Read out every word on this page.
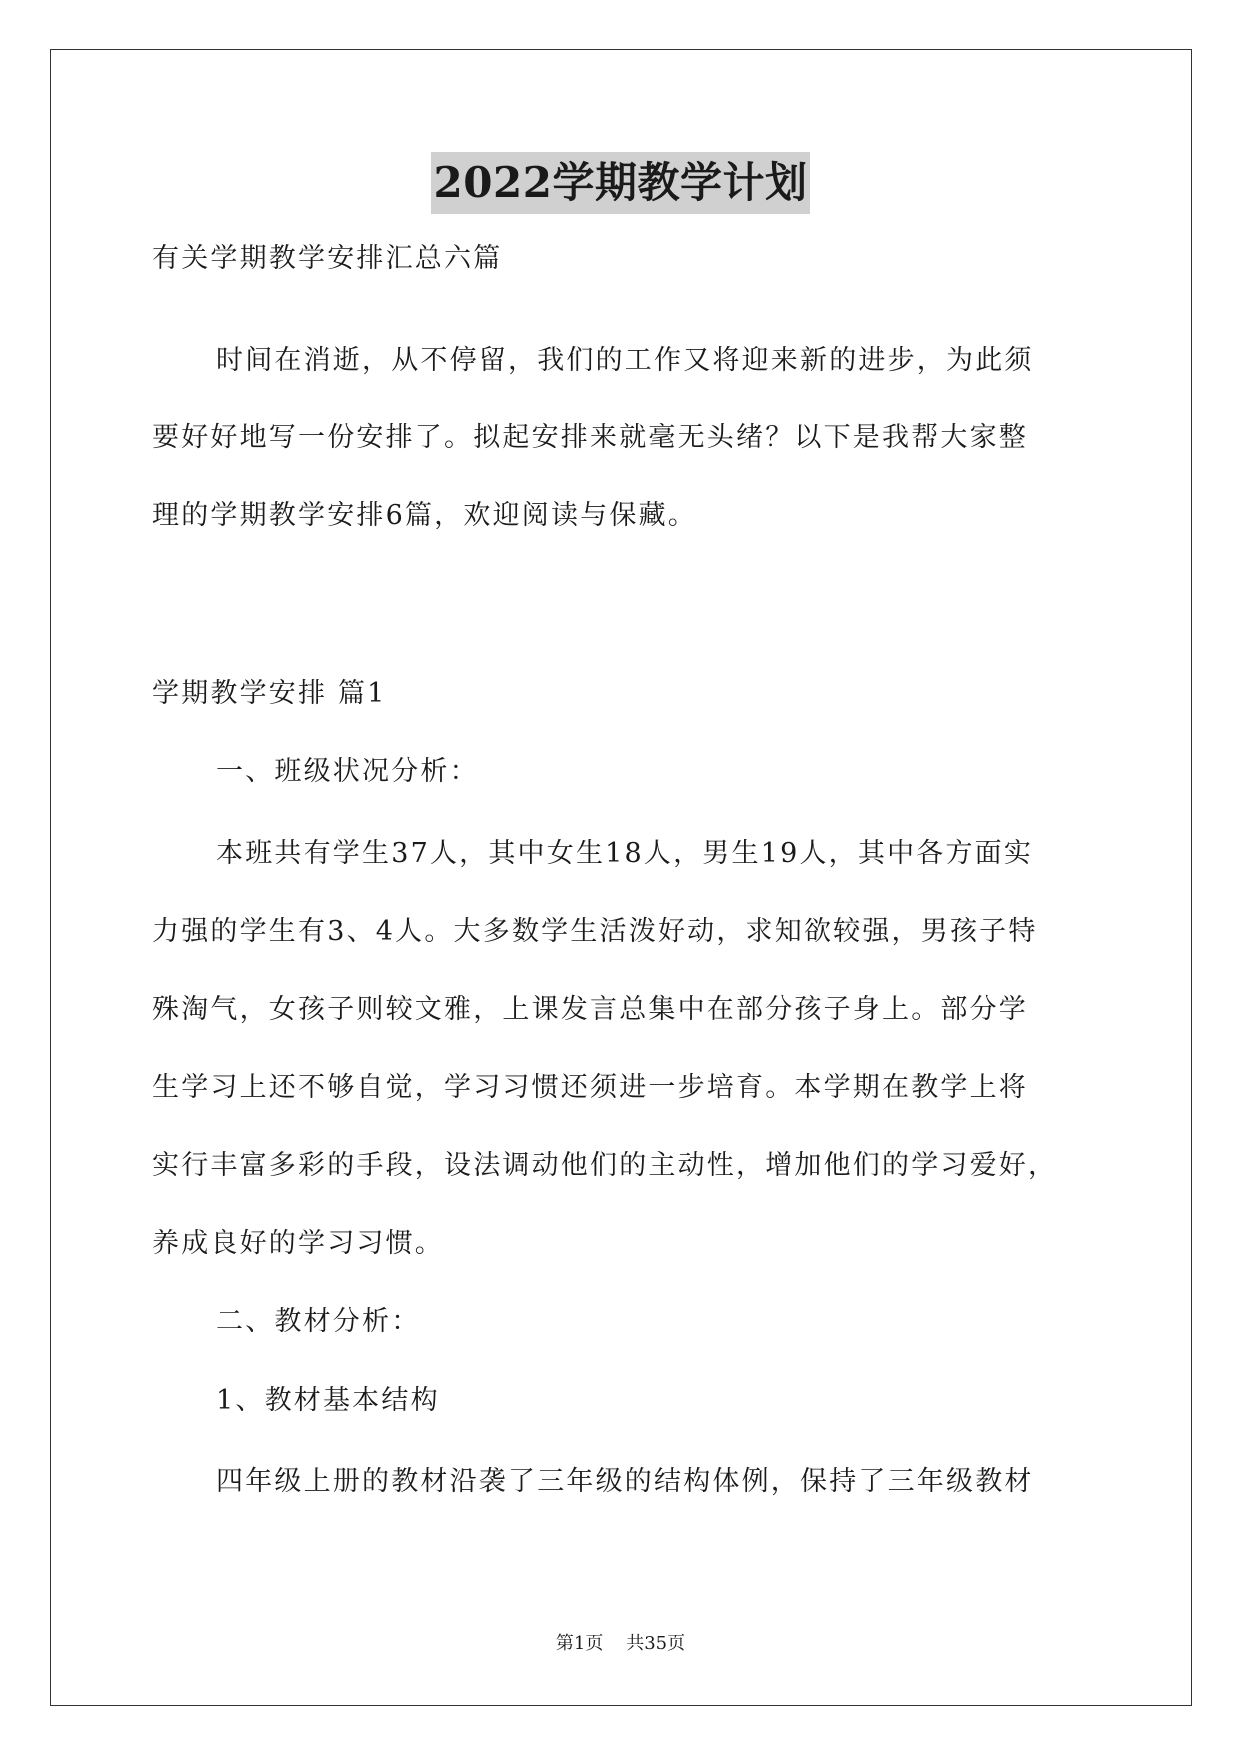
2022学期教学计划
有关学期教学安排汇总六篇
时间在消逝，从不停留，我们的工作又将迎来新的进步，为此须
要好好地写一份安排了。拟起安排来就毫无头绪？以下是我帮大家整
理的学期教学安排6篇，欢迎阅读与保藏。
学期教学安排 篇1
一、班级状况分析：
本班共有学生37人，其中女生18人，男生19人，其中各方面实
力强的学生有3、4人。大多数学生活泼好动，求知欲较强，男孩子特
殊淘气，女孩子则较文雅，上课发言总集中在部分孩子身上。部分学
生学习上还不够自觉，学习习惯还须进一步培育。本学期在教学上将
实行丰富多彩的手段，设法调动他们的主动性，增加他们的学习爱好，
养成良好的学习习惯。
二、教材分析：
1、教材基本结构
四年级上册的教材沿袭了三年级的结构体例，保持了三年级教材
第1页 共35页
